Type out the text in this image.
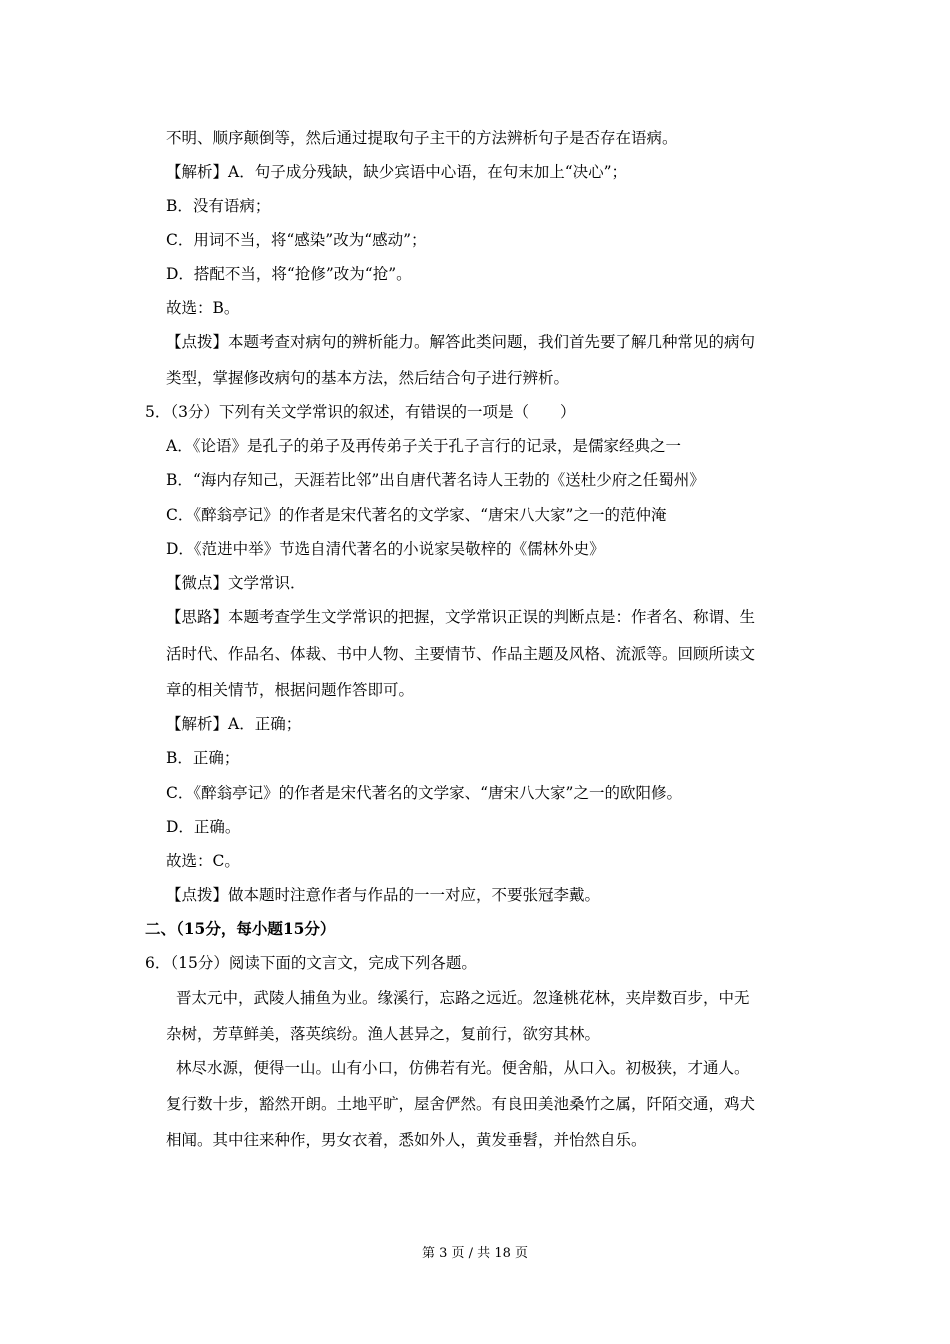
不明、顺序颠倒等，然后通过提取句子主干的方法辨析句子是否存在语病。
【解析】A．句子成分残缺，缺少宾语中心语，在句末加上“决心”；
B．没有语病；
C．用词不当，将“感染”改为“感动”；
D．搭配不当，将“抢修”改为“抢”。
故选：B。
【点拨】本题考查对病句的辨析能力。解答此类问题，我们首先要了解几种常见的病句
类型，掌握修改病句的基本方法，然后结合句子进行辨析。
5．（3分）下列有关文学常识的叙述，有错误的一项是（　　）
A．《论语》是孔子的弟子及再传弟子关于孔子言行的记录，是儒家经典之一
B．“海内存知己，天涯若比邻”出自唐代著名诗人王勃的《送杜少府之任蜀州》
C．《醉翁亭记》的作者是宋代著名的文学家、“唐宋八大家”之一的范仲淹
D．《范进中举》节选自清代著名的小说家吴敬梓的《儒林外史》
【微点】文学常识．
【思路】本题考查学生文学常识的把握，文学常识正误的判断点是：作者名、称谓、生
活时代、作品名、体裁、书中人物、主要情节、作品主题及风格、流派等。回顾所读文
章的相关情节，根据问题作答即可。
【解析】A．正确；
B．正确；
C．《醉翁亭记》的作者是宋代著名的文学家、“唐宋八大家”之一的欧阳修。
D．正确。
故选：C。
【点拨】做本题时注意作者与作品的一一对应，不要张冠李戴。
二、（15分，每小题15分）
6．（15分）阅读下面的文言文，完成下列各题。
晋太元中，武陵人捕鱼为业。缘溪行，忘路之远近。忽逢桃花林，夹岸数百步，中无
杂树，芳草鲜美，落英缤纷。渔人甚异之，复前行，欲穷其林。
林尽水源，便得一山。山有小口，仿佛若有光。便舍船，从口入。初极狭，才通人。
复行数十步，豁然开朗。土地平旷，屋舍俨然。有良田美池桑竹之属，阡陌交通，鸡犬
相闻。其中往来种作，男女衣着，悉如外人，黄发垂髫，并怡然自乐。
第 3 页 / 共 18 页
